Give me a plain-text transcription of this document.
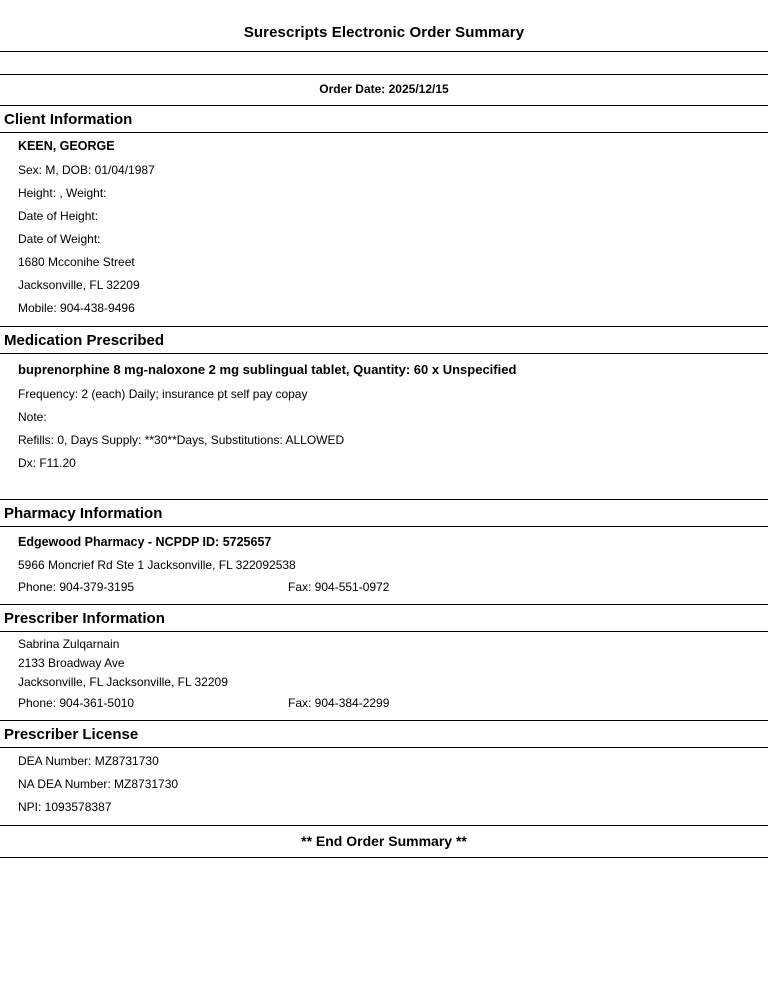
Surescripts Electronic Order Summary
Order Date: 2025/12/15
Client Information
KEEN, GEORGE
Sex: M, DOB: 01/04/1987
Height: , Weight:
Date of Height:
Date of Weight:
1680 Mcconihe Street
Jacksonville, FL 32209
Mobile: 904-438-9496
Medication Prescribed
buprenorphine 8 mg-naloxone 2 mg sublingual tablet, Quantity: 60 x Unspecified
Frequency: 2 (each) Daily; insurance pt self pay copay
Note:
Refills: 0, Days Supply: **30**Days, Substitutions: ALLOWED
Dx: F11.20
Pharmacy Information
Edgewood Pharmacy - NCPDP ID: 5725657
5966 Moncrief Rd Ste 1 Jacksonville, FL 322092538
Phone: 904-379-3195	Fax: 904-551-0972
Prescriber Information
Sabrina Zulqarnain
2133 Broadway Ave
Jacksonville, FL Jacksonville, FL 32209
Phone: 904-361-5010	Fax: 904-384-2299
Prescriber License
DEA Number: MZ8731730
NA DEA Number: MZ8731730
NPI: 1093578387
** End Order Summary **
